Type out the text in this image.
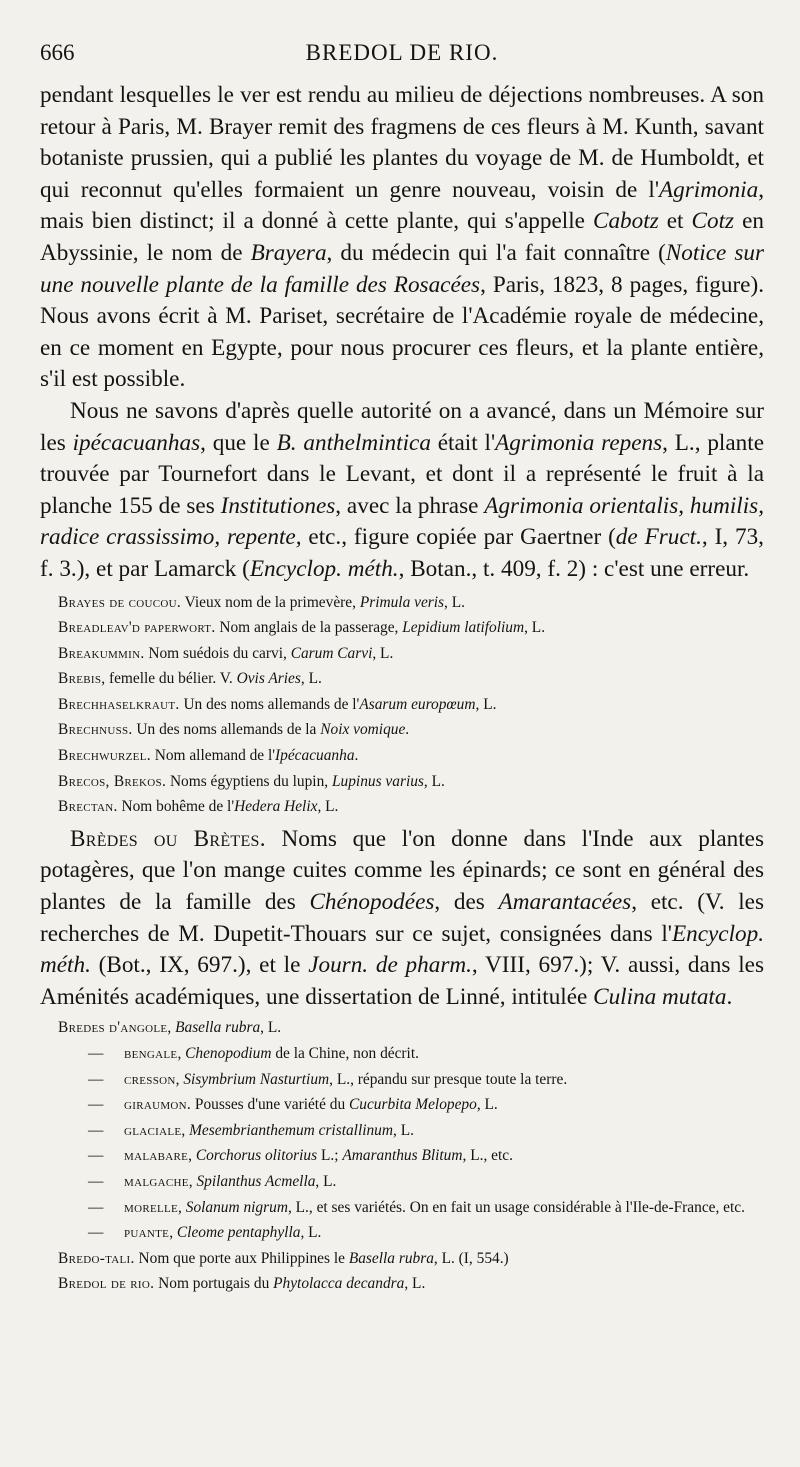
666	BREDOL DE RIO.

pendant lesquelles le ver est rendu au milieu de déjections nombreuses. A son retour à Paris, M. Brayer remit des fragmens de ces fleurs à M. Kunth, savant botaniste prussien, qui a publié les plantes du voyage de M. de Humboldt, et qui reconnut qu'elles formaient un genre nouveau, voisin de l'Agrimonia, mais bien distinct; il a donné à cette plante, qui s'appelle Cabotz et Cotz en Abyssinie, le nom de Brayera, du médecin qui l'a fait connaître (Notice sur une nouvelle plante de la famille des Rosacées, Paris, 1823, 8 pages, figure). Nous avons écrit à M. Pariset, secrétaire de l'Académie royale de médecine, en ce moment en Egypte, pour nous procurer ces fleurs, et la plante entière, s'il est possible.

Nous ne savons d'après quelle autorité on a avancé, dans un Mémoire sur les ipécacuanhas, que le B. anthelmintica était l'Agrimonia repens, L., plante trouvée par Tournefort dans le Levant, et dont il a représenté le fruit à la planche 155 de ses Institutiones, avec la phrase Agrimonia orientalis, humilis, radice crassissimo, repente, etc., figure copiée par Gaertner (de Fruct., I, 73, f. 3.), et par Lamarck (Encyclop. méth., Botan., t. 409, f. 2) : c'est une erreur.

Brayes de coucou. Vieux nom de la primevère, Primula veris, L.

Breadleav'd paperwort. Nom anglais de la passerage, Lepidium latifolium, L.

Breakummin. Nom suédois du carvi, Carum Carvi, L.

Brebis, femelle du bélier. V. Ovis Aries, L.

Brechhaselkraut. Un des noms allemands de l'Asarum europœum, L.

Brechnuss. Un des noms allemands de la Noix vomique.

Brechwurzel. Nom allemand de l'Ipécacuanha.

Brecos, Brekos. Noms égyptiens du lupin, Lupinus varius, L.

Brectan. Nom bohême de l'Hedera Helix, L.

Brèdes ou Brètes. Noms que l'on donne dans l'Inde aux plantes potagères, que l'on mange cuites comme les épinards; ce sont en général des plantes de la famille des Chénopodées, des Amarantacées, etc. (V. les recherches de M. Dupetit-Thouars sur ce sujet, consignées dans l'Encyclop. méth. (Bot., IX, 697.), et le Journ. de pharm., VIII, 697.); V. aussi, dans les Aménités académiques, une dissertation de Linné, intitulée Culina mutata.

Bredes d'angole, Basella rubra, L.

— bengale, Chenopodium de la Chine, non décrit.

— cresson, Sisymbrium Nasturtium, L., répandu sur presque toute la terre.

— giraumon. Pousses d'une variété du Cucurbita Melopepo, L.

— glaciale, Mesembrianthemum cristallinum, L.

— malabare, Corchorus olitorius L.; Amaranthus Blitum, L., etc.

— malgache, Spilanthus Acmella, L.

— morelle, Solanum nigrum, L., et ses variétés. On en fait un usage considérable à l'Ile-de-France, etc.

— puante, Cleome pentaphylla, L.

Bredo-tali. Nom que porte aux Philippines le Basella rubra, L. (I, 554.)

Bredol de rio. Nom portugais du Phytolacca decandra, L.
